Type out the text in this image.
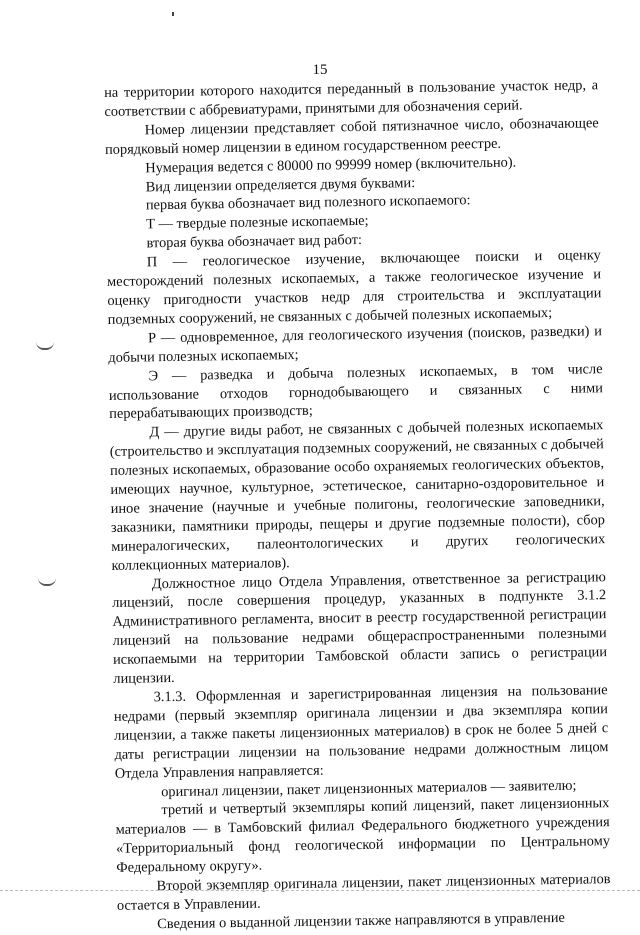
15

на территории которого находится переданный в пользование участок недр, а соответствии с аббревиатурами, принятыми для обозначения серий.

Номер лицензии представляет собой пятизначное число, обозначающее порядковый номер лицензии в едином государственном реестре.

Нумерация ведется с 80000 по 99999 номер (включительно).

Вид лицензии определяется двумя буквами:

первая буква обозначает вид полезного ископаемого:

Т — твердые полезные ископаемые;

вторая буква обозначает вид работ:

П — геологическое изучение, включающее поиски и оценку месторождений полезных ископаемых, а также геологическое изучение и оценку пригодности участков недр для строительства и эксплуатации подземных сооружений, не связанных с добычей полезных ископаемых;

Р — одновременное, для геологического изучения (поисков, разведки) и добычи полезных ископаемых;

Э — разведка и добыча полезных ископаемых, в том числе использование отходов горнодобывающего и связанных с ними перерабатывающих производств;

Д — другие виды работ, не связанных с добычей полезных ископаемых (строительство и эксплуатация подземных сооружений, не связанных с добычей полезных ископаемых, образование особо охраняемых геологических объектов, имеющих научное, культурное, эстетическое, санитарно-оздоровительное и иное значение (научные и учебные полигоны, геологические заповедники, заказники, памятники природы, пещеры и другие подземные полости), сбор минералогических, палеонтологических и других геологических коллекционных материалов).

Должностное лицо Отдела Управления, ответственное за регистрацию лицензий, после совершения процедур, указанных в подпункте 3.1.2 Административного регламента, вносит в реестр государственной регистрации лицензий на пользование недрами общераспространенными полезными ископаемыми на территории Тамбовской области запись о регистрации лицензии.

3.1.3. Оформленная и зарегистрированная лицензия на пользование недрами (первый экземпляр оригинала лицензии и два экземпляра копии лицензии, а также пакеты лицензионных материалов) в срок не более 5 дней с даты регистрации лицензии на пользование недрами должностным лицом Отдела Управления направляется:

оригинал лицензии, пакет лицензионных материалов — заявителю;

третий и четвертый экземпляры копий лицензий, пакет лицензионных материалов — в Тамбовский филиал Федерального бюджетного учреждения «Территориальный фонд геологической информации по Центральному Федеральному округу».

Второй экземпляр оригинала лицензии, пакет лицензионных материалов остается в Управлении.

Сведения о выданной лицензии также направляются в управление
